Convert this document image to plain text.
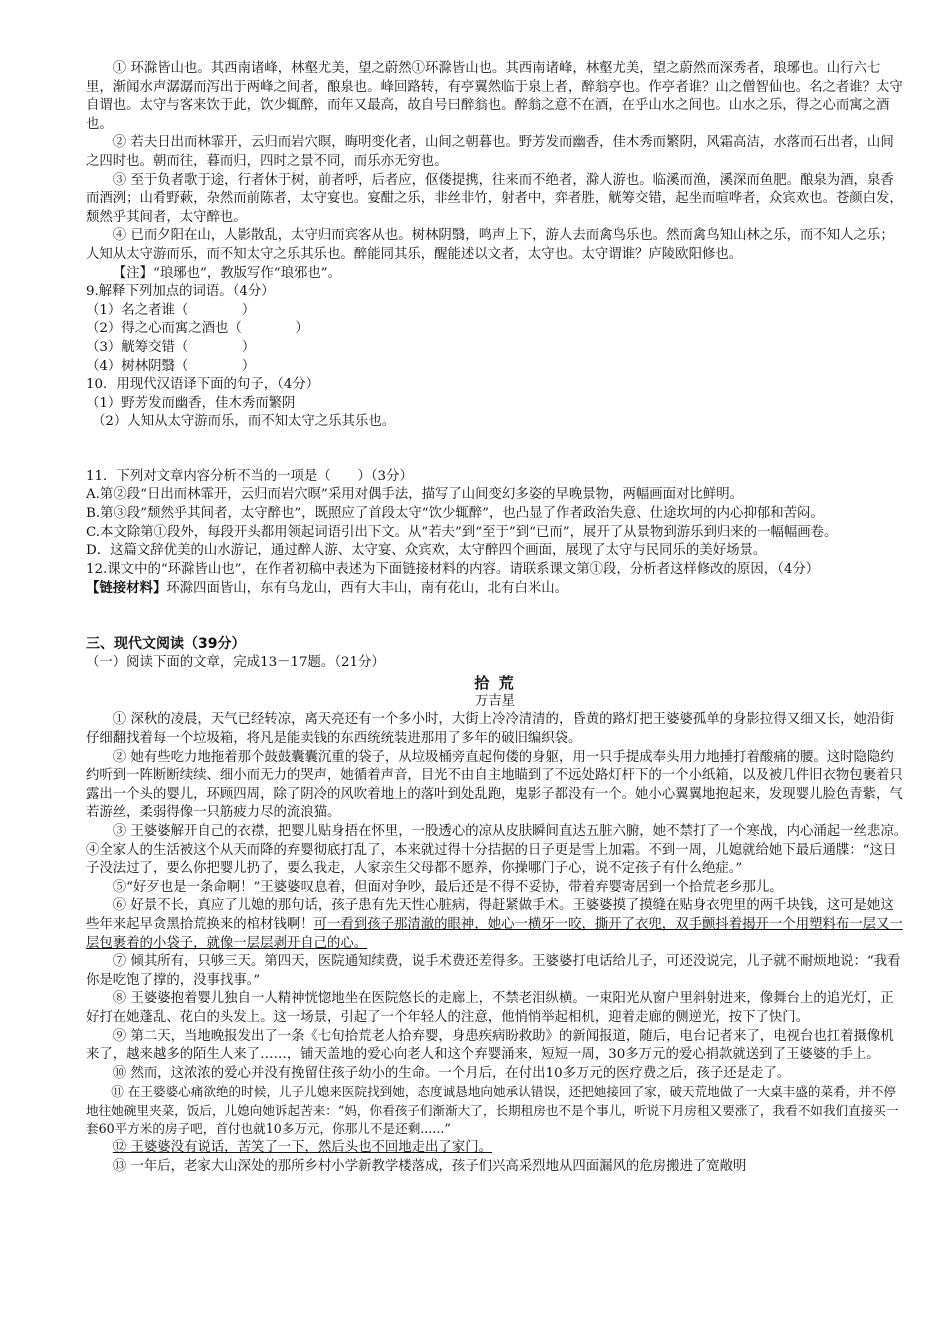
① 环滁皆山也。其西南诸峰，林壑尤美，望之蔚然①环滁皆山也。其西南诸峰，林壑尤美，望之蔚然而深秀者，琅琊也。山行六七里，渐闻水声潺潺而泻出于两峰之间者，酿泉也。峰回路转，有亭翼然临于泉上者，醉翁亭也。作亭者谁？山之僧智仙也。名之者谁？太守自谓也。太守与客来饮于此，饮少辄醉，而年又最高，故自号曰醉翁也。醉翁之意不在酒，在乎山水之间也。山水之乐，得之心而寓之酒也。

② 若夫日出而林霏开，云归而岩穴暝，晦明变化者，山间之朝暮也。野芳发而幽香，佳木秀而繁阴，风霜高洁，水落而石出者，山间之四时也。朝而往，暮而归，四时之景不同，而乐亦无穷也。

③ 至于负者歌于途，行者休于树，前者呼，后者应，伛偻提携，往来而不绝者，滁人游也。临溪而渔，溪深而鱼肥。酿泉为酒，泉香而酒洌；山肴野蔌，杂然而前陈者，太守宴也。宴酣之乐，非丝非竹，射者中，弈者胜，觥筹交错，起坐而喧哗者，众宾欢也。苍颜白发，颓然乎其间者，太守醉也。

④ 已而夕阳在山，人影散乱，太守归而宾客从也。树林阴翳，鸣声上下，游人去而禽鸟乐也。然而禽鸟知山林之乐，而不知人之乐；人知从太守游而乐，而不知太守之乐其乐也。醉能同其乐，醒能述以文者，太守也。太守谓谁？庐陵欧阳修也。

【注】“琅琊也”，教版写作“琅邪也”。

9.解释下列加点的词语。（4分）

（1）名之者谁（　　　　）

（2）得之心而寓之酒也（　　　　）

（3）觥筹交错（　　　　）

（4）树林阴翳（　　　　）

10．用现代汉语译下面的句子，（4分）

（1）野芳发而幽香，佳木秀而繁阴

（2）人知从太守游而乐，而不知太守之乐其乐也。

11．下列对文章内容分析不当的一项是（　　）（3分）

A.第②段“日出而林霏开，云归而岩穴暝”采用对偶手法，描写了山间变幻多姿的早晚景物，两幅画面对比鲜明。

B.第③段”颓然乎其间者，太守醉也”，既照应了首段太守“饮少辄醉”，也凸显了作者政治失意、仕途坎坷的内心抑郁和苦闷。

C.本文除第①段外，每段开头都用领起词语引出下文。从”若夫”到“至于”到“已而”，展开了从景物到游乐到归来的一幅幅画卷。

D．这篇文辞优美的山水游记，通过醉人游、太守宴、众宾欢，太守醉四个画面，展现了太守与民同乐的美好场景。

12.课文中的“环滁皆山也”，在作者初稿中表述为下面链接材料的内容。请联系课文第①段，分析者这样修改的原因，（4分）

【链接材料】环滁四面皆山，东有乌龙山，西有大丰山，南有花山，北有白米山。

三、现代文阅读（39分）

（一）阅读下面的文章，完成13－17题。（21分）

拾 荒

万吉星

① 深秋的凌晨，天气已经转凉，离天亮还有一个多小时，大街上冷冷清清的，昏黄的路灯把王婆婆孤单的身影拉得又细又长，她沿街仔细翻找着每一个垃圾箱，将凡是能卖钱的东西统统装进那用了多年的破旧编织袋。

② 她有些吃力地拖着那个鼓鼓囊囊沉重的袋子，从垃圾桶旁直起佝偻的身躯，用一只手提成奉头用力地捶打着酸痛的腰。这时隐隐约约听到一阵断断续续、细小而无力的哭声，她循着声音，目光不由自主地瞄到了不远处路灯杆下的一个小纸箱，以及被几件旧衣物包裹着只露出一个头的婴儿，环顾四周，除了阴冷的风吹着地上的落叶到处乱跑，鬼影子都没有一个。她小心翼翼地抱起来，发现婴儿脸色青紫，气若游丝，柔弱得像一只筋疲力尽的流浪猫。

③ 王婆婆解开自己的衣襟，把婴儿贴身捂在怀里，一股透心的凉从皮肤瞬间直达五脏六腑，她不禁打了一个寒战，内心涌起一丝悲凉。　④全家人的生活被这个从天而降的弃婴彻底打乱了，本来就过得十分拮据的日子更是雪上加霜。不到一周，儿媳就给她下最后通牒：“这日子没法过了，要么你把婴儿扔了，要么我走，人家亲生父母都不愿养，你操哪门子心，说不定孩子有什么绝症。”

⑤“好歹也是一条命啊！”王婆婆叹息着，但面对争吵，最后还是不得不妥协，带着弃婴寄居到一个拾荒老乡那儿。

⑥ 好景不长，真应了儿媳的那句话，孩子患有先天性心脏病，得赶紧做手术。王婆婆摸了摸缝在贴身衣兜里的两千块钱，这可是她这些年来起早贪黑拾荒换来的棺材钱啊！可一看到孩子那清澈的眼神，她心一横牙一咬，撕开了衣兜，双手颤抖着揭开一个用塑料布一层又一层包裹着的小袋子，就像一层层剥开自己的心。

⑦ 倾其所有，只够三天。第四天，医院通知续费，说手术费还差得多。王婆婆打电话给儿子，可还没说完，儿子就不耐烦地说：“我看你是吃饱了撑的，没事找事。”

⑧ 王婆婆抱着婴儿独自一人精神恍惚地坐在医院悠长的走廊上，不禁老泪纵横。一束阳光从窗户里斜射进来，像舞台上的追光灯，正好打在她蓬乱、花白的头发上。这一场景，引起了一个年轻人的注意，他悄悄举起相机，迎着走廊的侧逆光，按下了快门。

⑨ 第二天，当地晚报发出了一条《七旬拾荒老人拾弃婴，身患疾病盼救助》的新闻报道，随后，电台记者来了，电视台也扛着摄像机来了，越来越多的陌生人来了……，铺天盖地的爱心向老人和这个弃婴涌来，短短一周，30多万元的爱心捐款就送到了王婆婆的手上。

⑩ 然而，这浓浓的爱心并没有挽留住孩子幼小的生命。一个月后，在付出10多万元的医疗费之后，孩子还是走了。

⑪ 在王婆婆心痛欲绝的时候，儿子儿媳来医院找到她，态度诚恳地向她承认错误，还把她接回了家，破天荒地做了一大桌丰盛的菜肴，并不停地往她碗里夹菜，饭后，儿媳向她诉起苦来：“妈，你看孩子们渐渐大了，长期租房也不是个事儿，听说下月房租又要涨了，我看不如我们直接买一套60平方米的房子吧，首付也就10多万元，你那儿不是还剩......”

⑫ 王婆婆没有说话，苦笑了一下，然后头也不回地走出了家门。

⑬ 一年后，老家大山深处的那所乡村小学新教学楼落成，孩子们兴高采烈地从四面漏风的危房搬进了宽敞明
